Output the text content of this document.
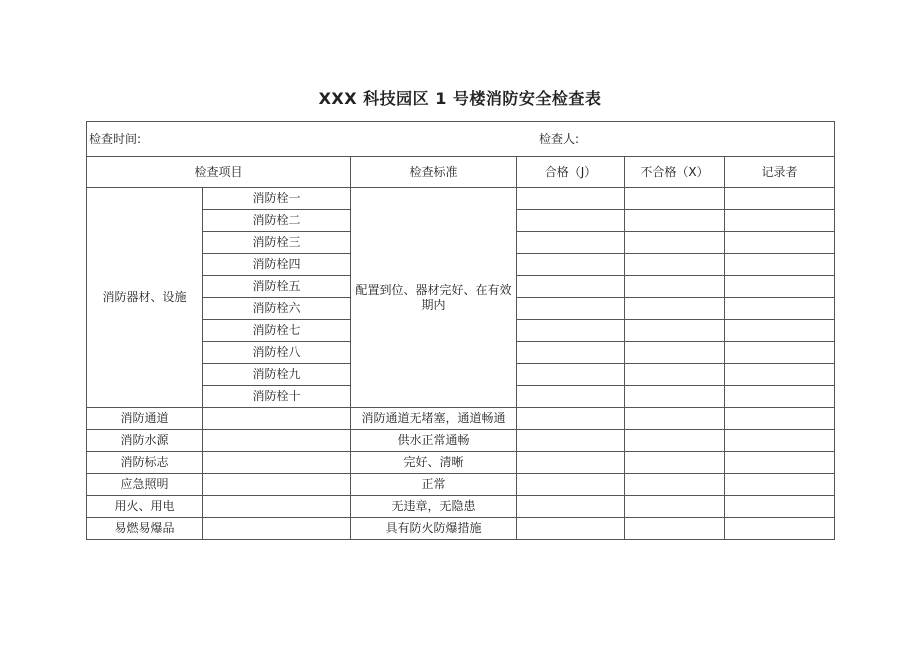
XXX 科技园区 1 号楼消防安全检查表
检查时间: 检查人:					

检查项目		检查标准	合格（J）	不合格（X）	记录者
消防器材、设施	消防栓一	配置到位、器材完好、在有效期内			
	消防栓二				
	消防栓三				
	消防栓四				
	消防栓五				
	消防栓六				
	消防栓七				
	消防栓八				
	消防栓九				
	消防栓十				
消防通道		消防通道无堵塞，通道畅通			
消防水源		供水正常通畅			
消防标志		完好、清晰			
应急照明		正常			
用火、用电		无违章，无隐患			
易燃易爆品		具有防火防爆措施			
